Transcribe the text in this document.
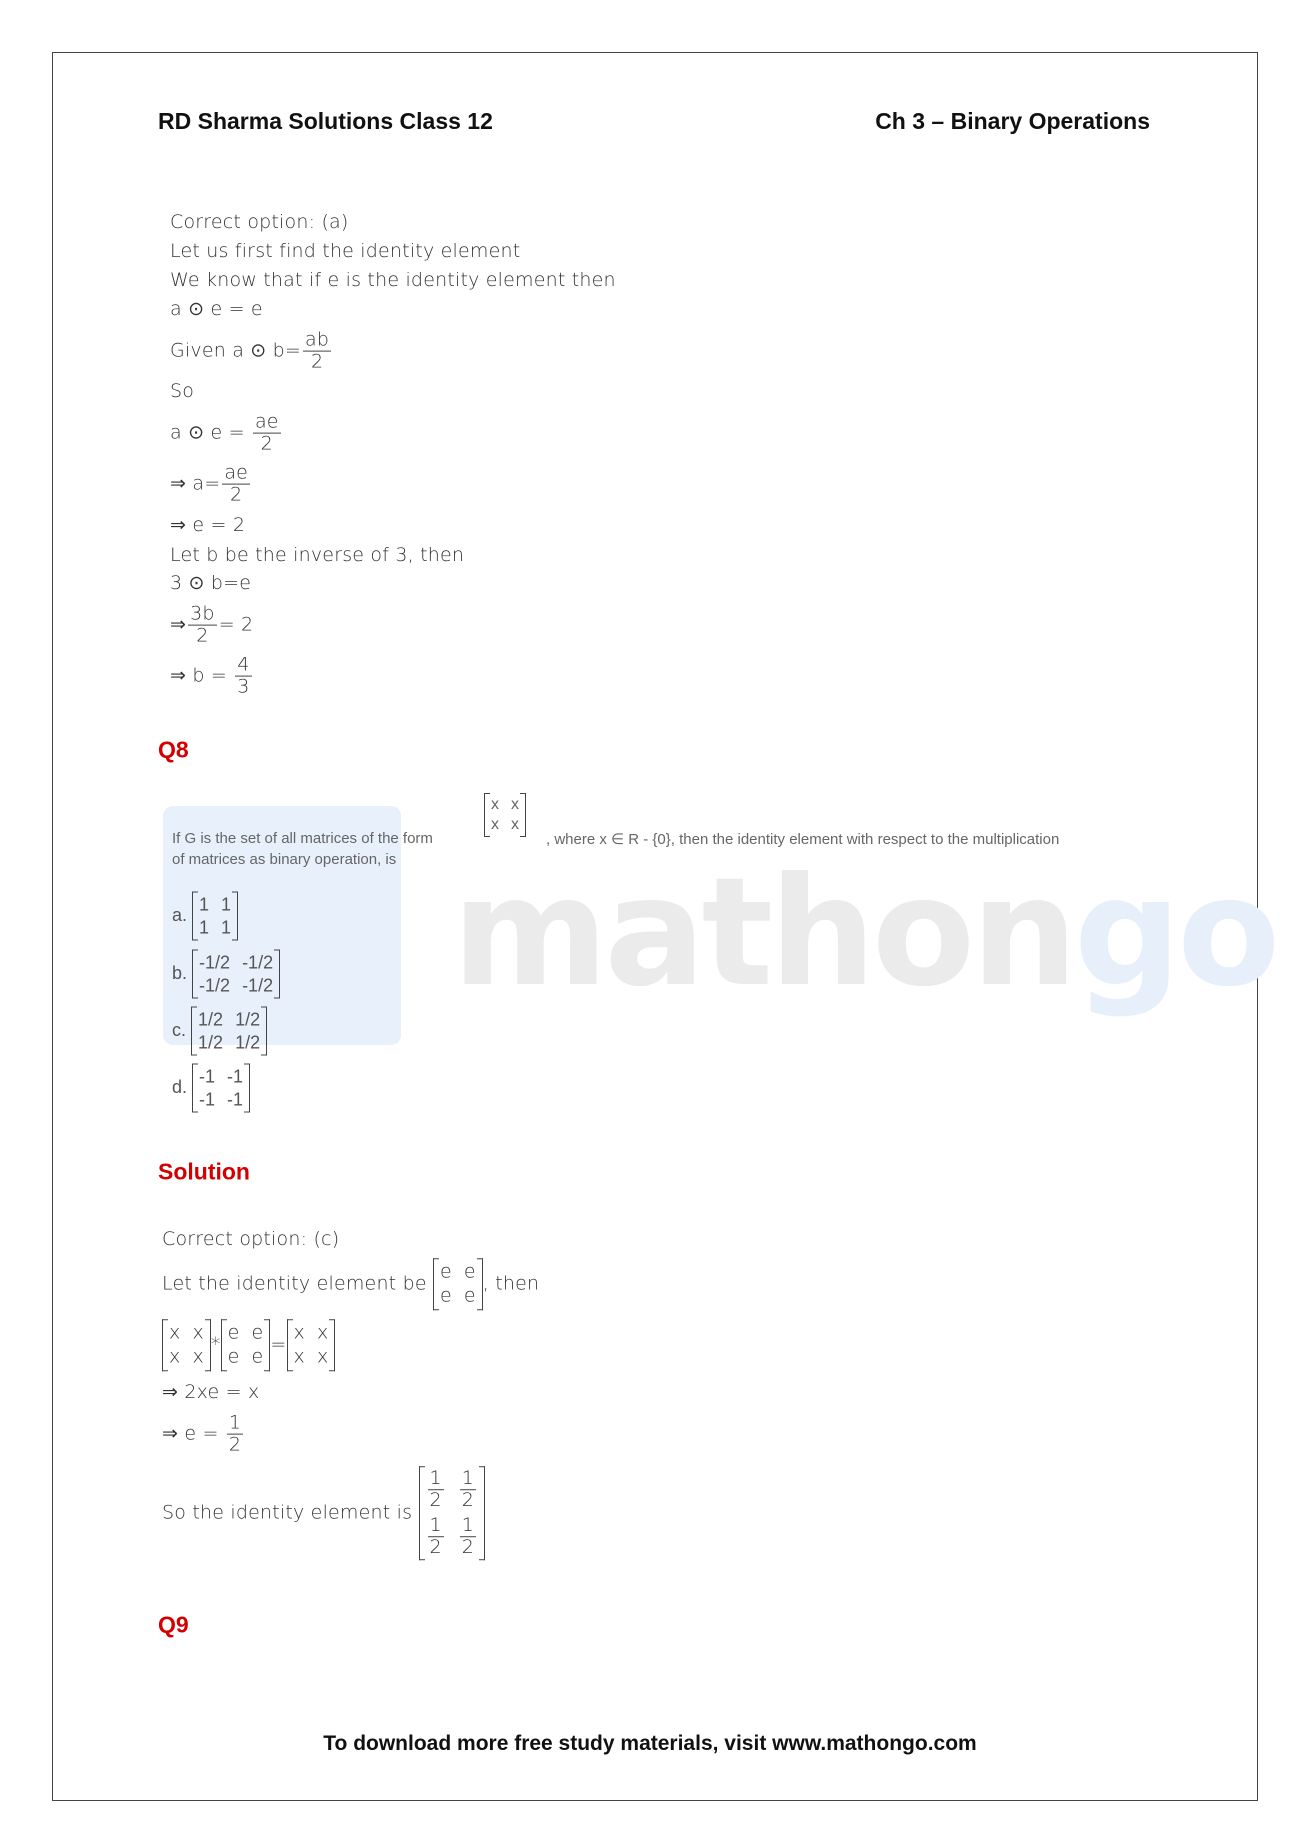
RD Sharma Solutions Class 12	Ch 3 – Binary Operations
Correct option: (a)
Let us first find the identity element
We know that if e is the identity element then
a ⊙ e = e
Given a ⊙ $b= \frac{ab}{2}$
So
a ⊙ $e = \frac{ae}{2}$
⇒ $a= \frac{ae}{2}$
⇒ e = 2
Let b be the inverse of 3, then
3 ⊙ b=e
⇒ $\frac{3b}{2} = 2$
⇒ $b = \frac{4}{3}$
Q8
mathongo
If G is the set of all matrices of the form
x x
x x
, where x ∈ R - {0}, then the identity element with respect to the multiplication
of matrices as binary operation, is
a.
1 1
1 1
b.
-1/2 -1/2
-1/2 -1/2
c.
1/2 1/2
1/2 1/2
d.
-1 -1
-1 -1
Solution
Correct option: (c)
Let the identity element be
e e
e e
, then
x x
x x
*
e e
e e
=
x x
x x
⇒ 2xe = x
⇒ $e = \frac{1}{2}$
So the identity element is
$\frac{1}{2} \frac{1}{2}$
$\frac{1}{2} \frac{1}{2}$
Q9
To download more free study materials, visit www.mathongo.com
